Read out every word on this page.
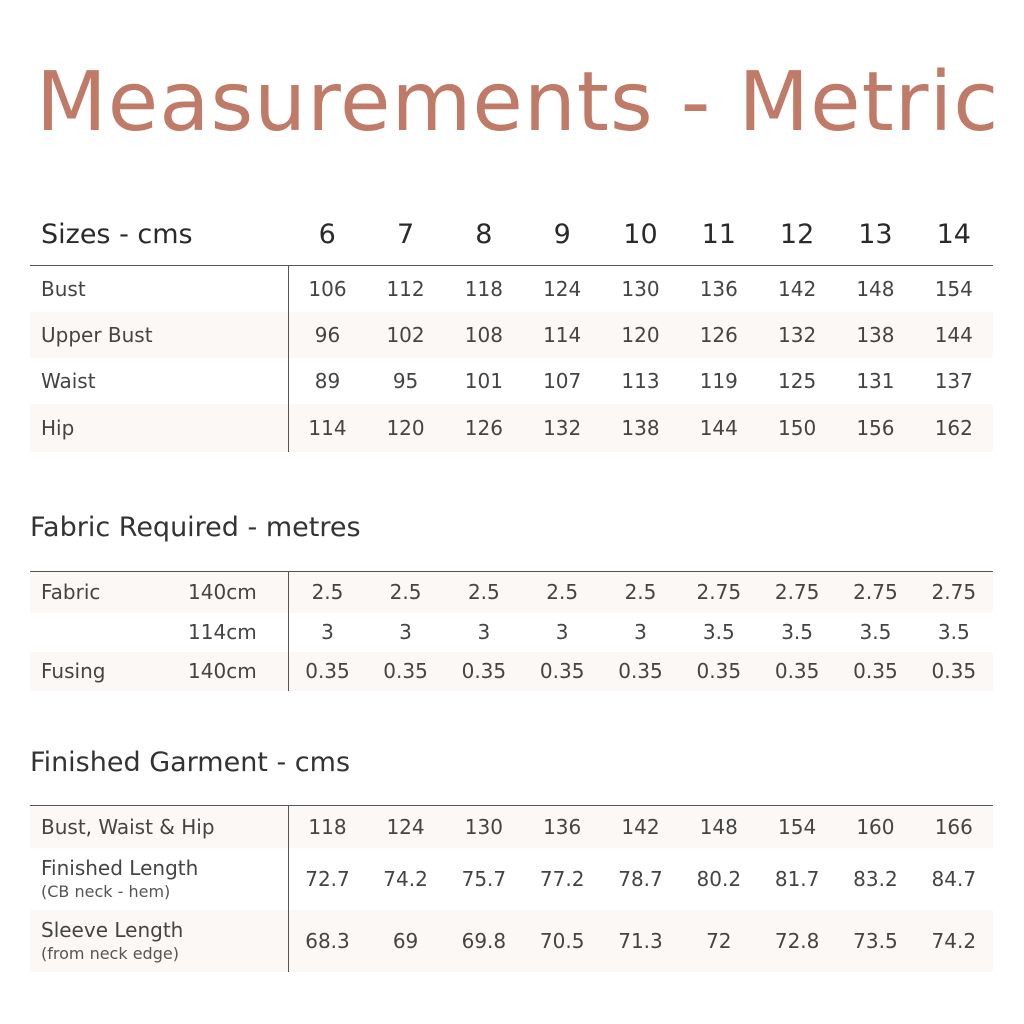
Measurements - Metric
Sizes - cms	6	7	8	9	10	11	12	13	14
Bust	106	112	118	124	130	136	142	148	154
Upper Bust	96	102	108	114	120	126	132	138	144
Waist	89	95	101	107	113	119	125	131	137
Hip	114	120	126	132	138	144	150	156	162
Fabric Required - metres
Fabric	140cm	2.5	2.5	2.5	2.5	2.5	2.75	2.75	2.75	2.75
	114cm	3	3	3	3	3	3.5	3.5	3.5	3.5
Fusing	140cm	0.35	0.35	0.35	0.35	0.35	0.35	0.35	0.35	0.35
Finished Garment - cms
Bust, Waist & Hip	118	124	130	136	142	148	154	160	166
Finished Length
(CB neck - hem)	72.7	74.2	75.7	77.2	78.7	80.2	81.7	83.2	84.7
Sleeve Length
(from neck edge)	68.3	69	69.8	70.5	71.3	72	72.8	73.5	74.2
